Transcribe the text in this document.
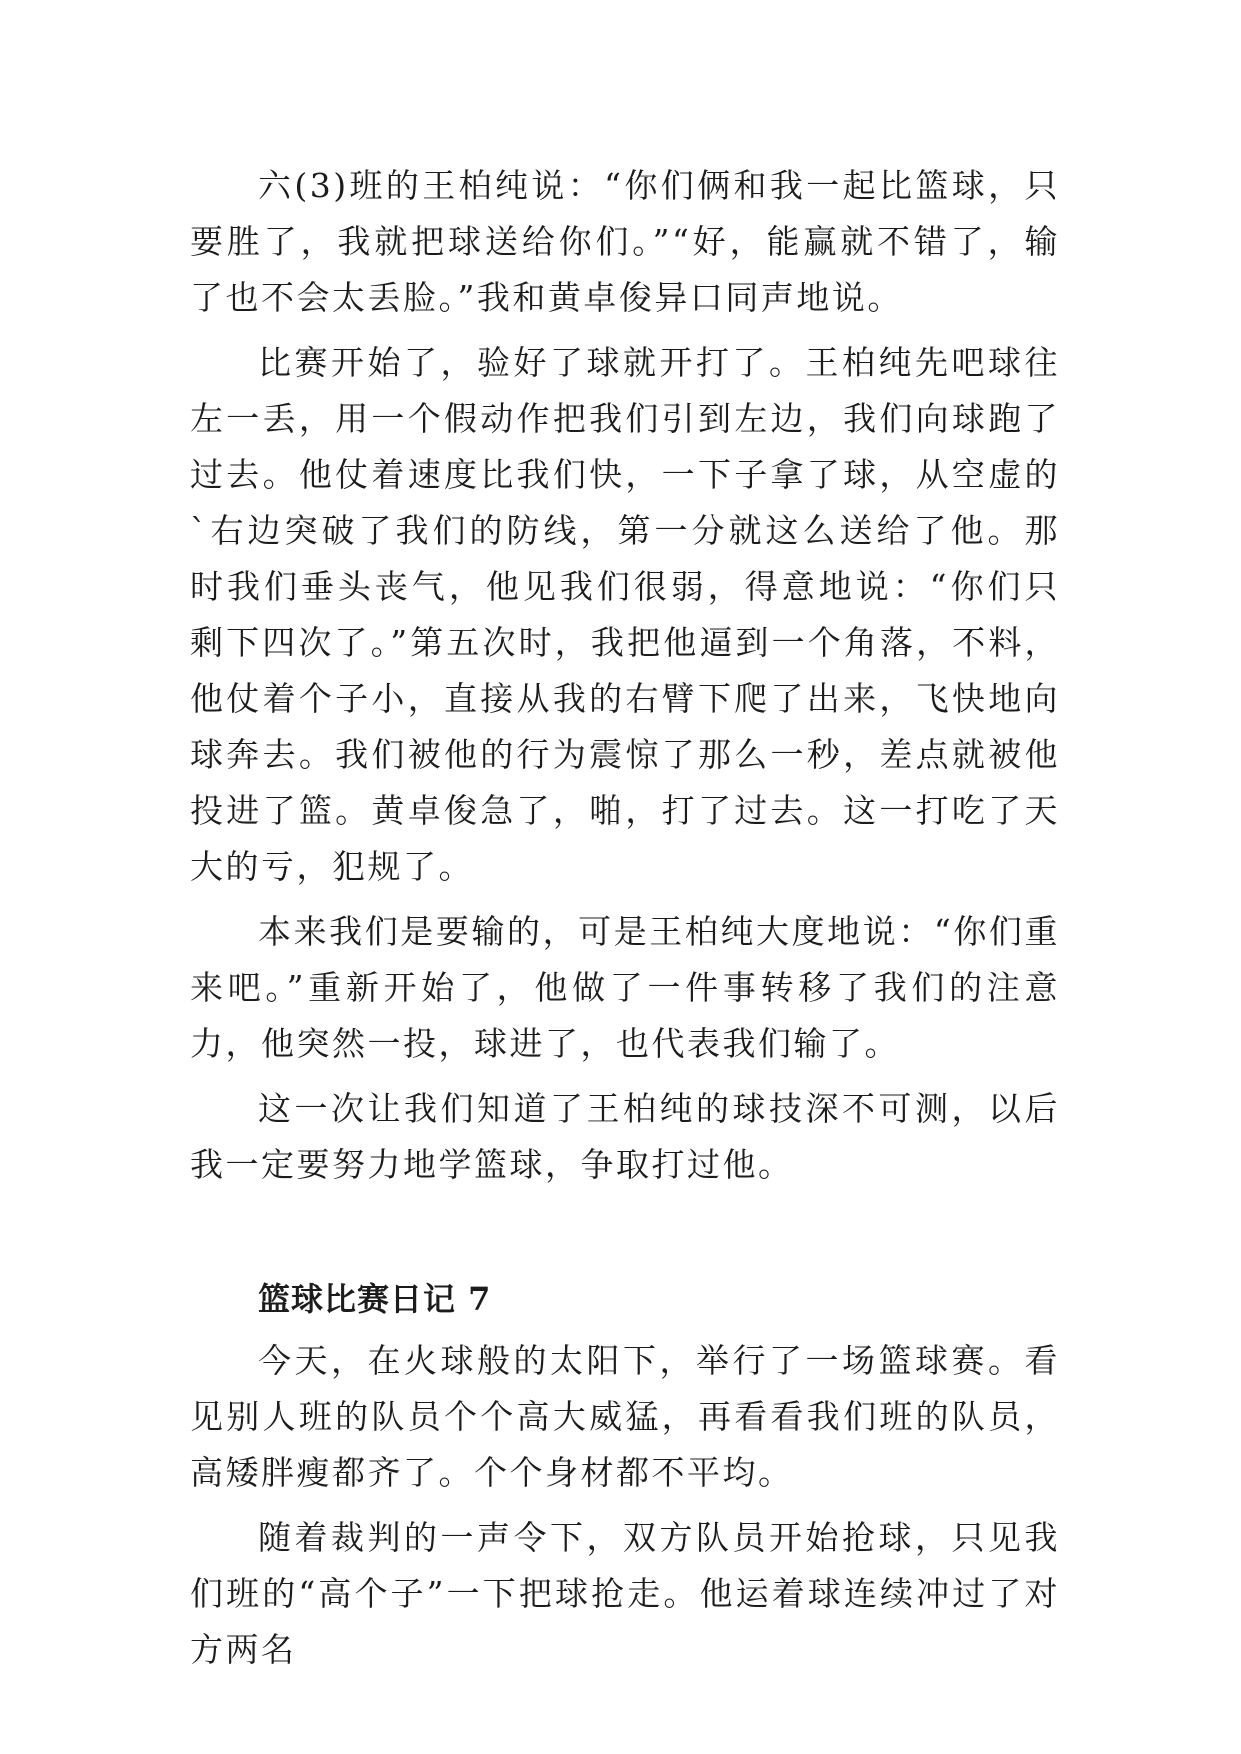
六(3)班的王柏纯说：“你们俩和我一起比篮球，只要胜了，我就把球送给你们。”“好，能赢就不错了，输了也不会太丢脸。”我和黄卓俊异口同声地说。

比赛开始了，验好了球就开打了。王柏纯先吧球往左一丢，用一个假动作把我们引到左边，我们向球跑了过去。他仗着速度比我们快，一下子拿了球，从空虚的`右边突破了我们的防线，第一分就这么送给了他。那时我们垂头丧气，他见我们很弱，得意地说：“你们只剩下四次了。”第五次时，我把他逼到一个角落，不料，他仗着个子小，直接从我的右臂下爬了出来，飞快地向球奔去。我们被他的行为震惊了那么一秒，差点就被他投进了篮。黄卓俊急了，啪，打了过去。这一打吃了天大的亏，犯规了。

本来我们是要输的，可是王柏纯大度地说：“你们重来吧。”重新开始了，他做了一件事转移了我们的注意力，他突然一投，球进了，也代表我们输了。

这一次让我们知道了王柏纯的球技深不可测，以后我一定要努力地学篮球，争取打过他。

篮球比赛日记 7

今天，在火球般的太阳下，举行了一场篮球赛。看见别人班的队员个个高大威猛，再看看我们班的队员，高矮胖瘦都齐了。个个身材都不平均。

随着裁判的一声令下，双方队员开始抢球，只见我们班的“高个子”一下把球抢走。他运着球连续冲过了对方两名
